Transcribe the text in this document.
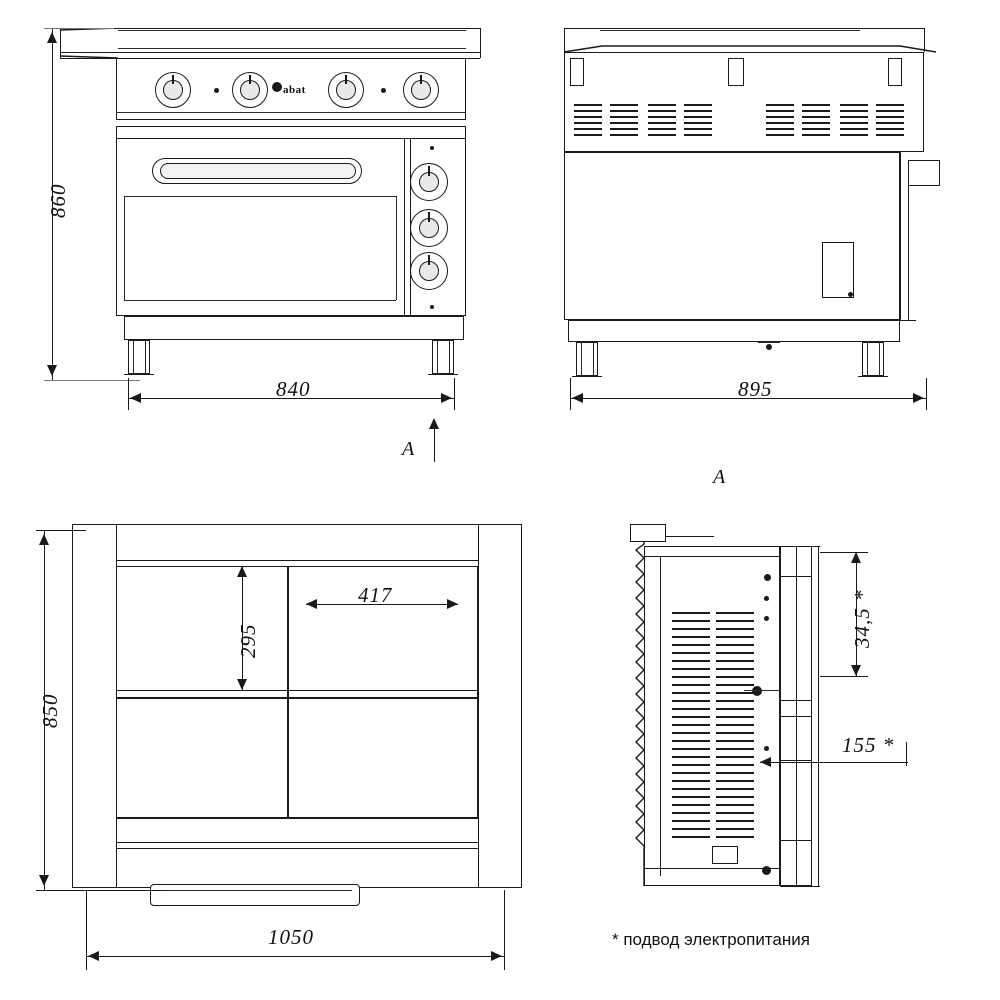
abat
860
840
A
895
A
850
295
417
1050
34,5 *
155 *
* подвод электропитания
